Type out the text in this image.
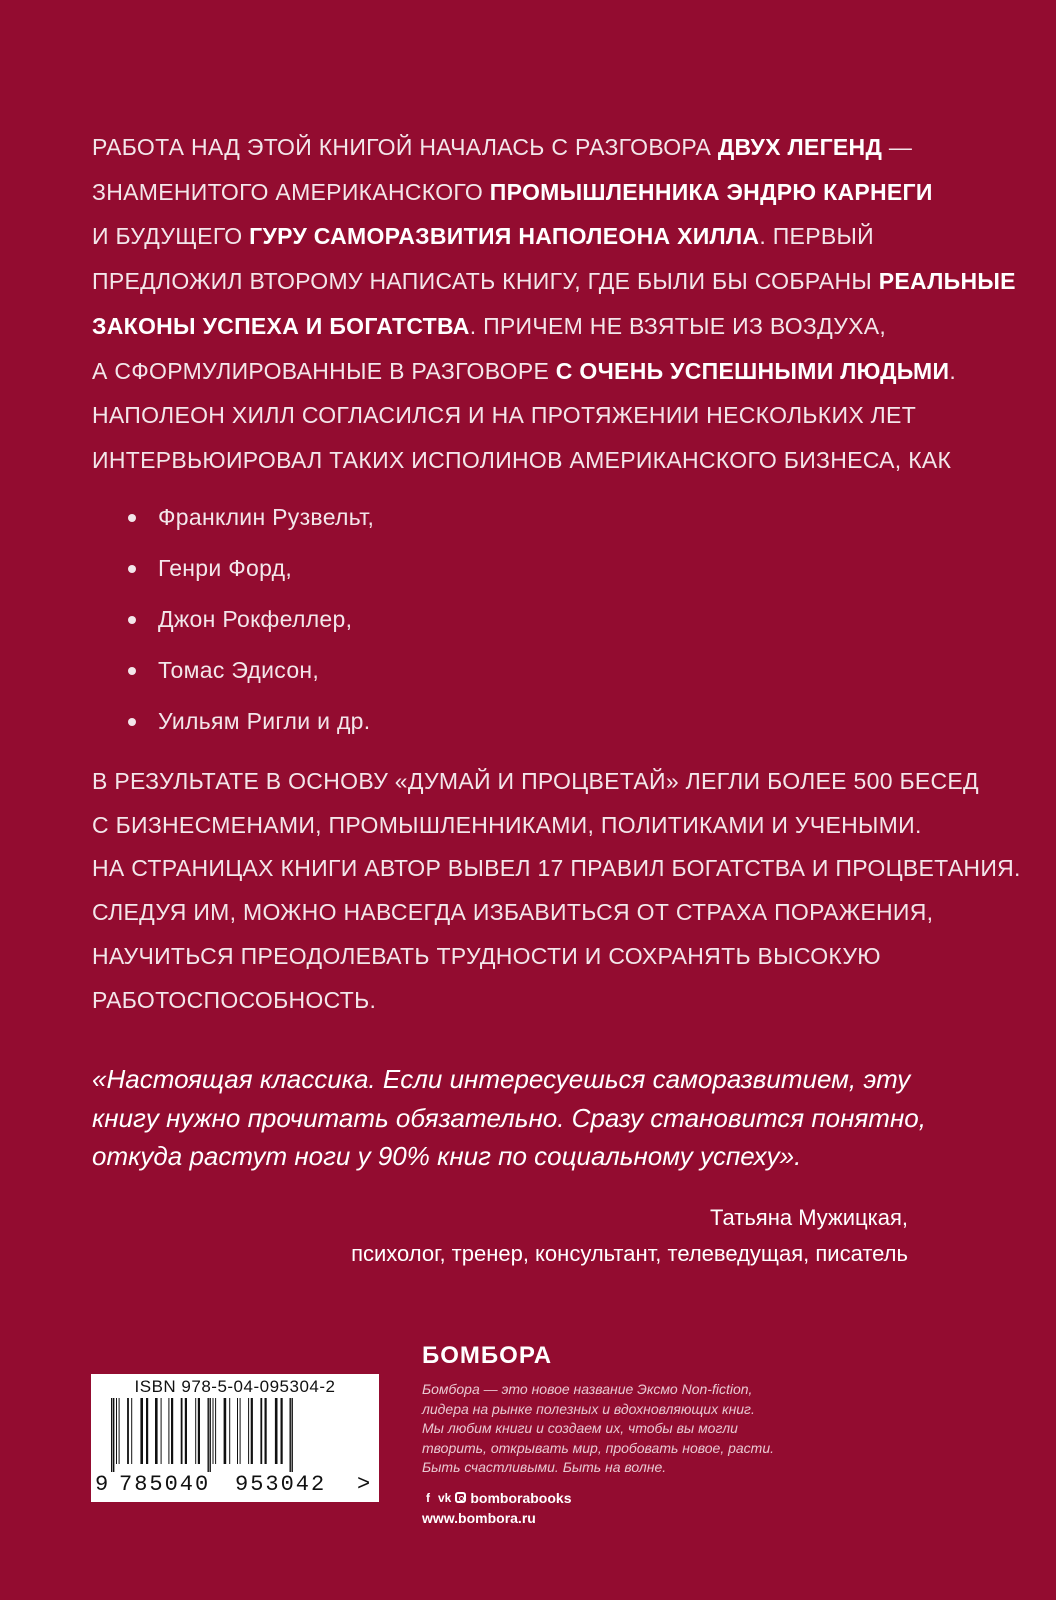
РАБОТА НАД ЭТОЙ КНИГОЙ НАЧАЛАСЬ С РАЗГОВОРА ДВУХ ЛЕГЕНД —
ЗНАМЕНИТОГО АМЕРИКАНСКОГО ПРОМЫШЛЕННИКА ЭНДРЮ КАРНЕГИ
И БУДУЩЕГО ГУРУ САМОРАЗВИТИЯ НАПОЛЕОНА ХИЛЛА. ПЕРВЫЙ
ПРЕДЛОЖИЛ ВТОРОМУ НАПИСАТЬ КНИГУ, ГДЕ БЫЛИ БЫ СОБРАНЫ РЕАЛЬНЫЕ
ЗАКОНЫ УСПЕХА И БОГАТСТВА. ПРИЧЕМ НЕ ВЗЯТЫЕ ИЗ ВОЗДУХА,
А СФОРМУЛИРОВАННЫЕ В РАЗГОВОРЕ С ОЧЕНЬ УСПЕШНЫМИ ЛЮДЬМИ.
НАПОЛЕОН ХИЛЛ СОГЛАСИЛСЯ И НА ПРОТЯЖЕНИИ НЕСКОЛЬКИХ ЛЕТ
ИНТЕРВЬЮИРОВАЛ ТАКИХ ИСПОЛИНОВ АМЕРИКАНСКОГО БИЗНЕСА, КАК

Франклин Рузвельт,
Генри Форд,
Джон Рокфеллер,
Томас Эдисон,
Уильям Ригли и др.
В РЕЗУЛЬТАТЕ В ОСНОВУ «ДУМАЙ И ПРОЦВЕТАЙ» ЛЕГЛИ БОЛЕЕ 500 БЕСЕД
С БИЗНЕСМЕНАМИ, ПРОМЫШЛЕННИКАМИ, ПОЛИТИКАМИ И УЧЕНЫМИ.
НА СТРАНИЦАХ КНИГИ АВТОР ВЫВЕЛ 17 ПРАВИЛ БОГАТСТВА И ПРОЦВЕТАНИЯ.
СЛЕДУЯ ИМ, МОЖНО НАВСЕГДА ИЗБАВИТЬСЯ ОТ СТРАХА ПОРАЖЕНИЯ,
НАУЧИТЬСЯ ПРЕОДОЛЕВАТЬ ТРУДНОСТИ И СОХРАНЯТЬ ВЫСОКУЮ
РАБОТОСПОСОБНОСТЬ.
«Настоящая классика. Если интересуешься саморазвитием, эту
книгу нужно прочитать обязательно. Сразу становится понятно,
откуда растут ноги у 90% книг по социальному успеху».
Татьяна Мужицкая,
психолог, тренер, консультант, телеведущая, писатель
ISBN 978-5-04-095304-2
9 785040 953042 >
БОМБОРА
Бомбора — это новое название Эксмо Non-fiction,
лидера на рынке полезных и вдохновляющих книг.
Мы любим книги и создаем их, чтобы вы могли
творить, открывать мир, пробовать новое, расти.
Быть счастливыми. Быть на волне.
f vk bomborabooks
www.bombora.ru
